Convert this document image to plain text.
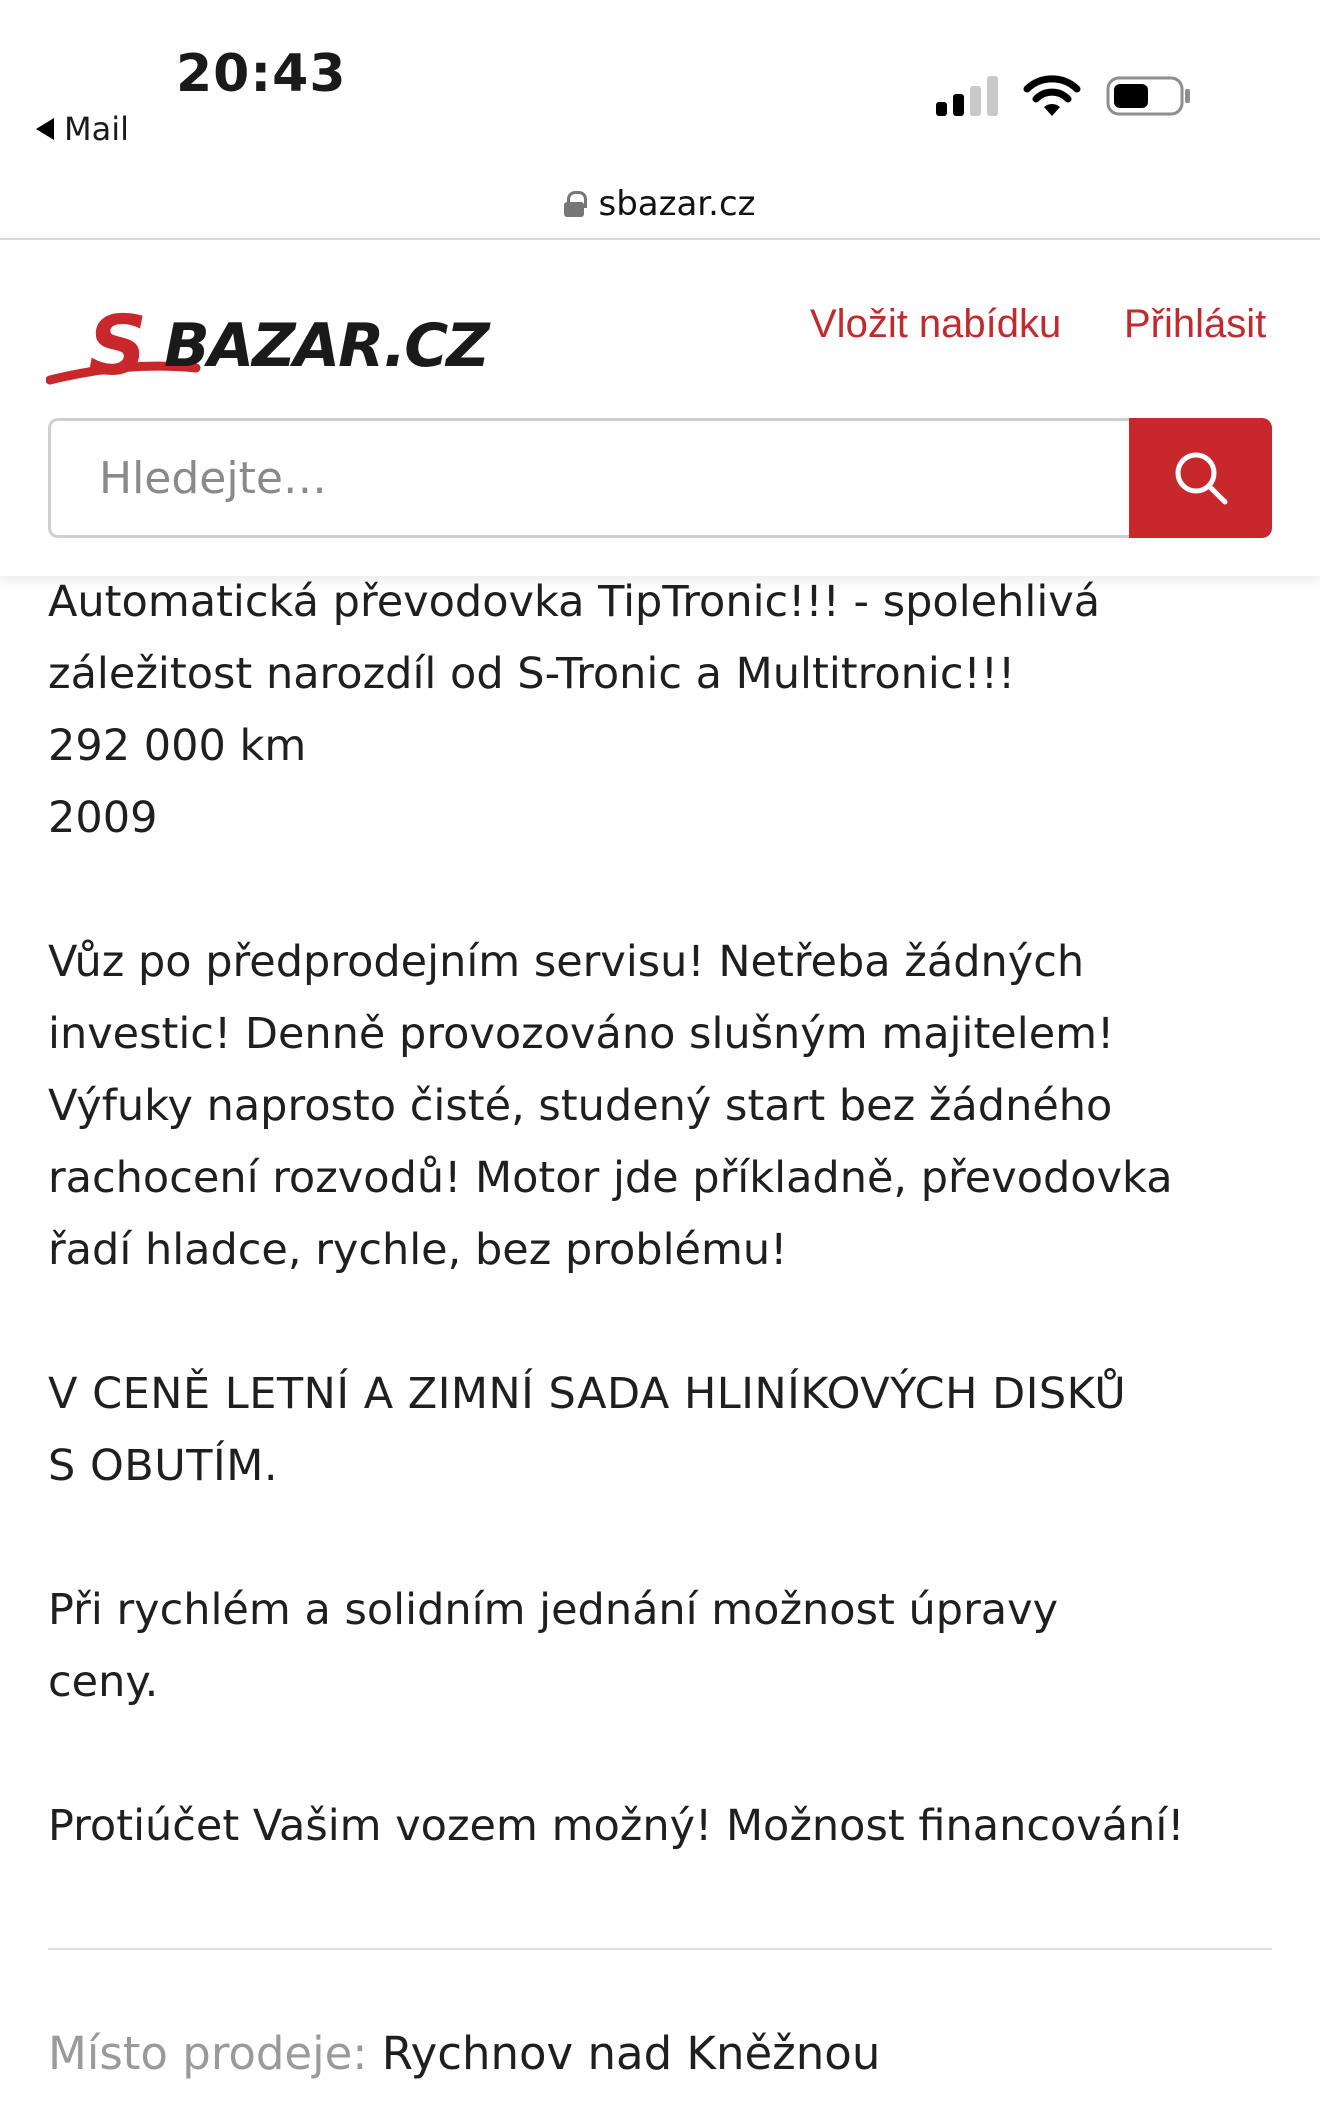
20:43
Mail
sbazar.cz
S BAZAR.CZ	Vložit nabídku Přihlásit
Hledejte…
Automatická převodovka TipTronic!!! - spolehlivá
záležitost narozdíl od S-Tronic a Multitronic!!!
292 000 km
2009
Vůz po předprodejním servisu! Netřeba žádných
investic! Denně provozováno slušným majitelem!
Výfuky naprosto čisté, studený start bez žádného
rachocení rozvodů! Motor jde příkladně, převodovka
řadí hladce, rychle, bez problému!
V CENĚ LETNÍ A ZIMNÍ SADA HLINÍKOVÝCH DISKŮ
S OBUTÍM.
Při rychlém a solidním jednání možnost úpravy
ceny.
Protiúčet Vašim vozem možný! Možnost financování!
Místo prodeje: Rychnov nad Kněžnou
